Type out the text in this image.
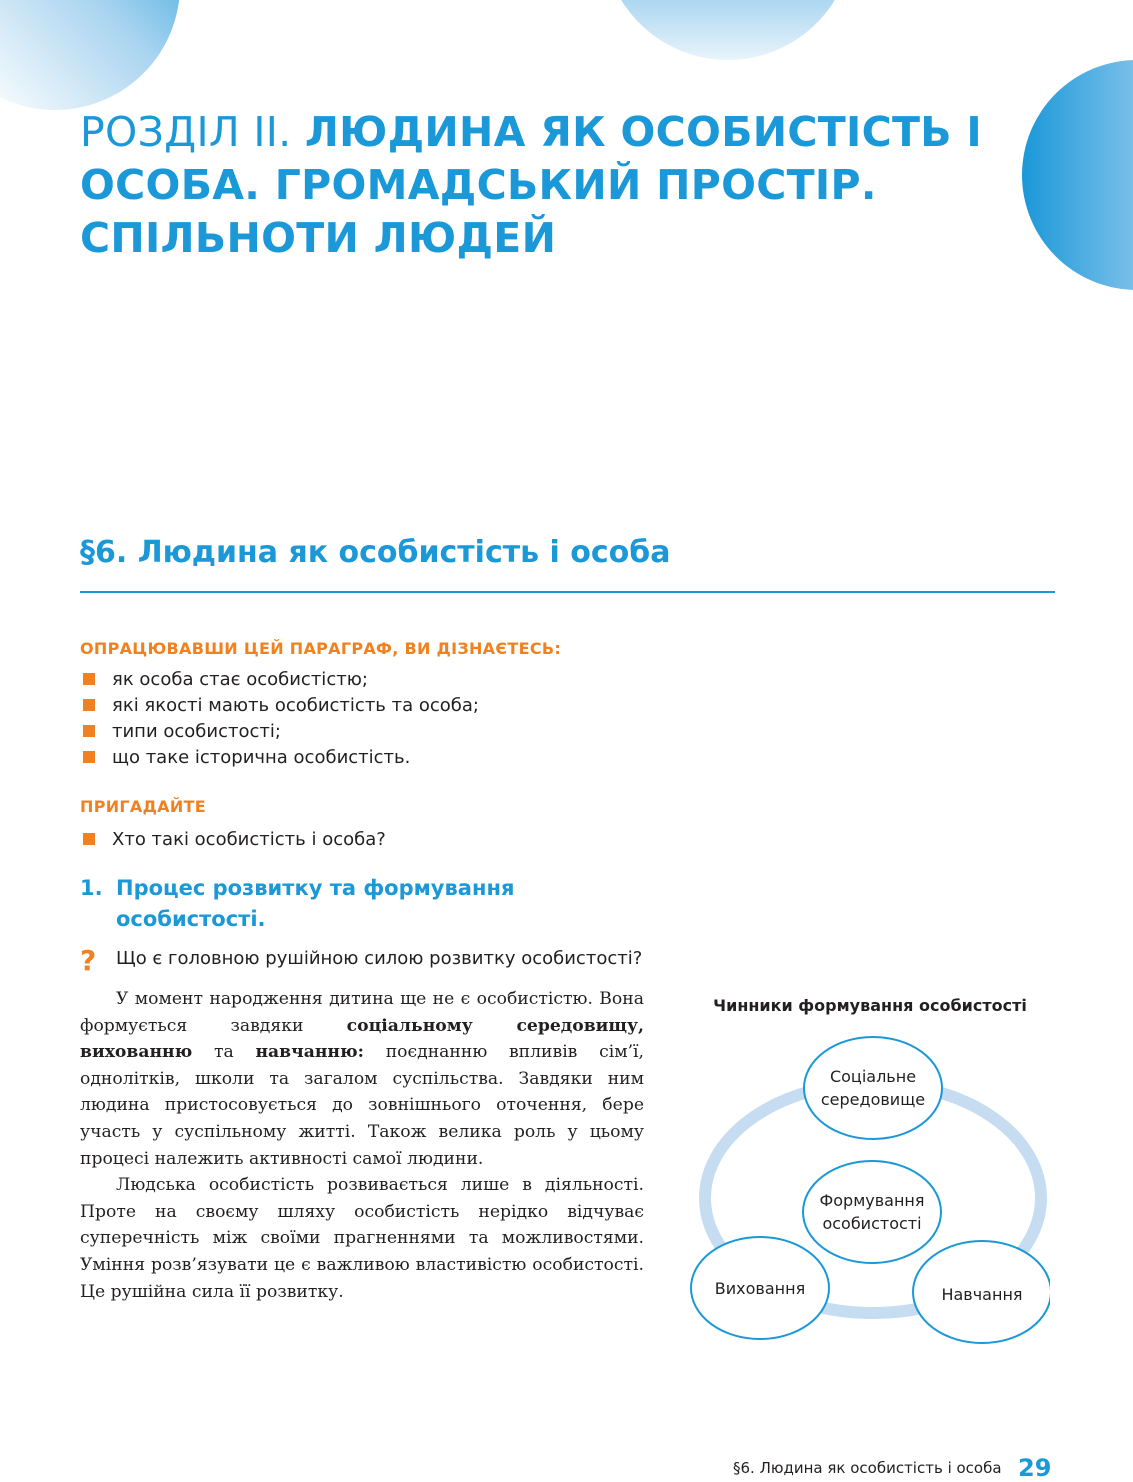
РОЗДІЛ II. ЛЮДИНА ЯК ОСОБИСТІСТЬ І ОСОБА. ГРОМАДСЬКИЙ ПРОСТІР. СПІЛЬНОТИ ЛЮДЕЙ
§6. Людина як особистість і особа
ОПРАЦЮВАВШИ ЦЕЙ ПАРАГРАФ, ВИ ДІЗНАЄТЕСЬ:
як особа стає особистістю;
які якості мають особистість та особа;
типи особистості;
що таке історична особистість.
ПРИГАДАЙТЕ
Хто такі особистість і особа?
1. Процес розвитку та формування особистості.
? Що є головною рушійною силою розвитку особистості?

У момент народження дитина ще не є особистістю. Вона формується завдяки соціальному середовищу, вихованню та навчанню: поєднанню впливів сім’ї, однолітків, школи та загалом суспільства. Завдяки ним людина пристосовується до зовнішнього оточення, бере участь у суспільному житті. Також велика роль у цьому процесі належить активності самої людини.

Людська особистість розвивається лише в діяльності. Проте на своєму шляху особистість нерідко відчуває суперечність між своїми прагненнями та можливостями. Уміння розв’язувати це є важливою властивістю особистості. Це рушійна сила її розвитку.

Чинники формування особистості
Соціальне середовище
Формування особистості
Виховання	Навчання
§6. Людина як особистість і особа 29
